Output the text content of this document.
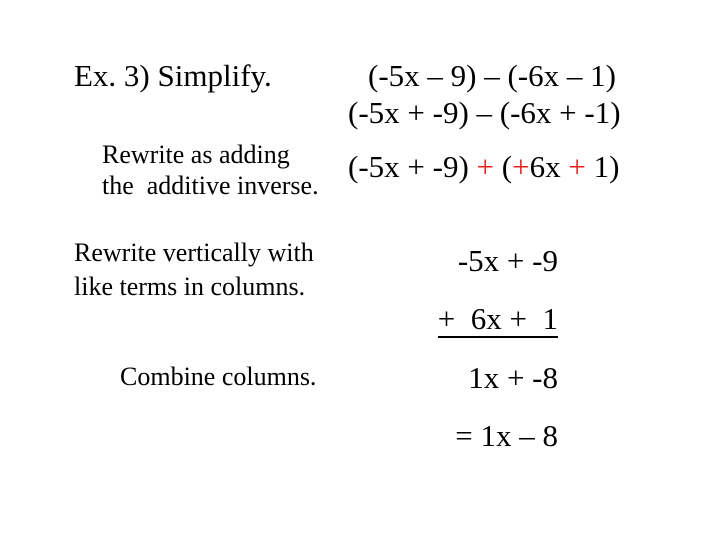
Ex. 3) Simplify.	(-5x – 9) – (-6x – 1)
(-5x + -9) – (-6x + -1)
Rewrite as adding
the  additive inverse.
(-5x + -9) + (+6x + 1)
Rewrite vertically with
like terms in columns.
-5x + -9
+  6x +  1
Combine columns.	1x + -8
= 1x – 8
